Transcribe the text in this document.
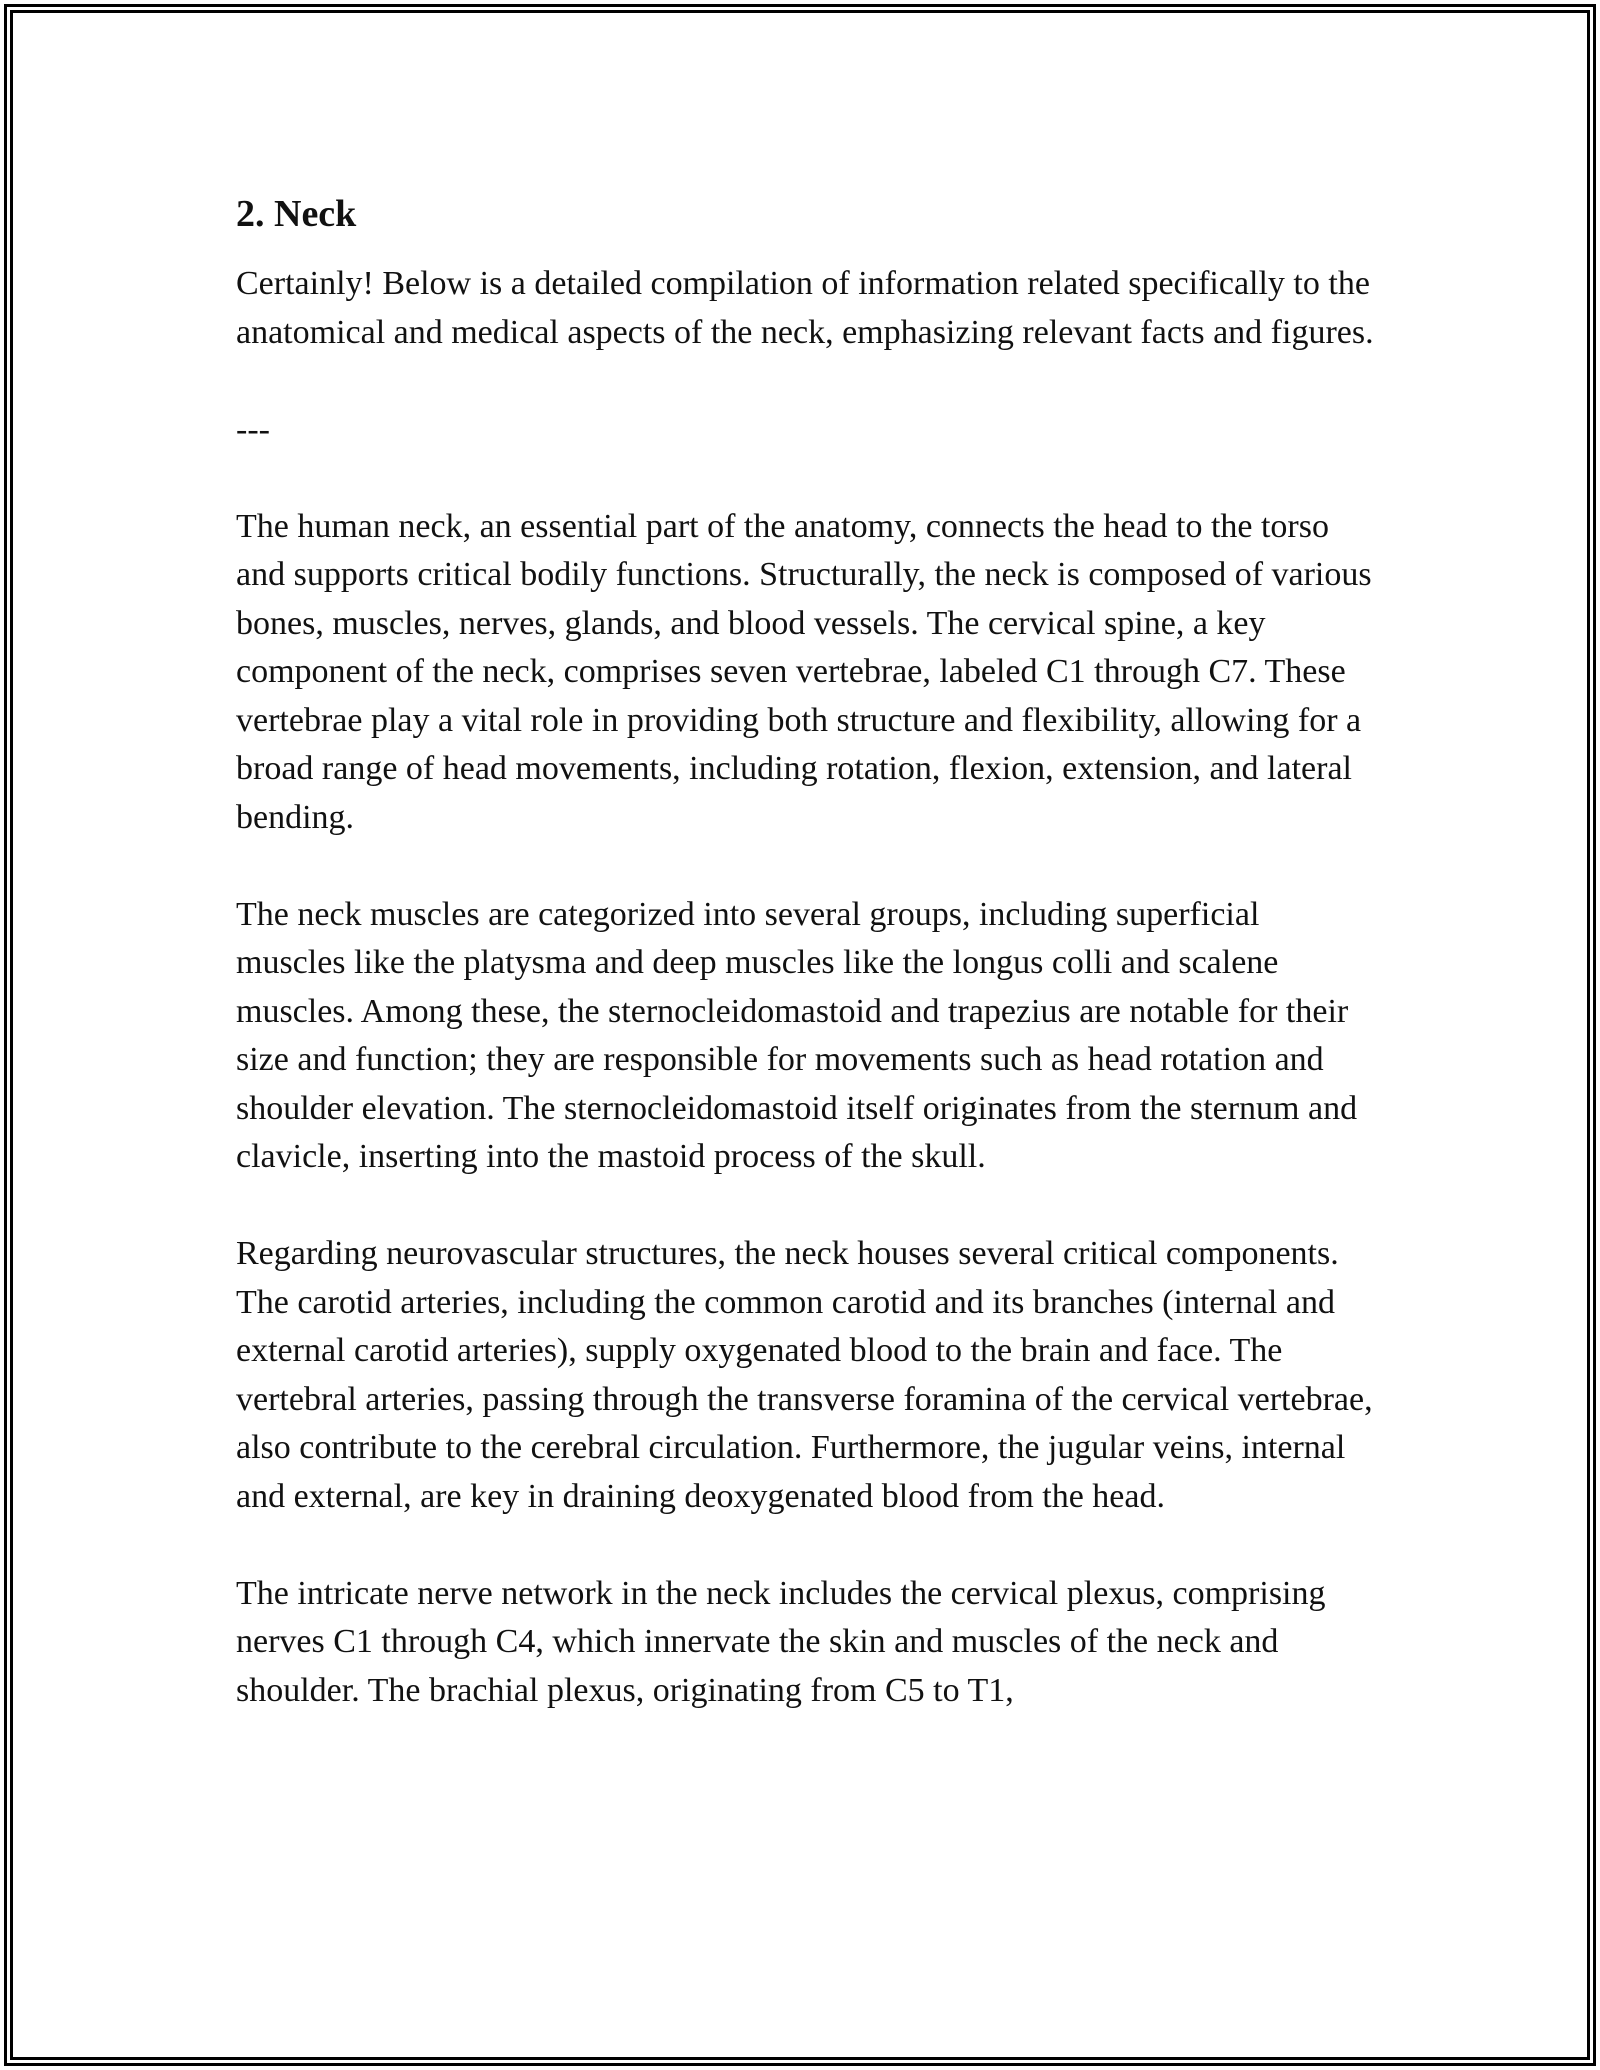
2. Neck

Certainly! Below is a detailed compilation of information related specifically to the anatomical and medical aspects of the neck, emphasizing relevant facts and figures.

---

The human neck, an essential part of the anatomy, connects the head to the torso and supports critical bodily functions. Structurally, the neck is composed of various bones, muscles, nerves, glands, and blood vessels. The cervical spine, a key component of the neck, comprises seven vertebrae, labeled C1 through C7. These vertebrae play a vital role in providing both structure and flexibility, allowing for a broad range of head movements, including rotation, flexion, extension, and lateral bending.

The neck muscles are categorized into several groups, including superficial muscles like the platysma and deep muscles like the longus colli and scalene muscles. Among these, the sternocleidomastoid and trapezius are notable for their size and function; they are responsible for movements such as head rotation and shoulder elevation. The sternocleidomastoid itself originates from the sternum and clavicle, inserting into the mastoid process of the skull.

Regarding neurovascular structures, the neck houses several critical components. The carotid arteries, including the common carotid and its branches (internal and external carotid arteries), supply oxygenated blood to the brain and face. The vertebral arteries, passing through the transverse foramina of the cervical vertebrae, also contribute to the cerebral circulation. Furthermore, the jugular veins, internal and external, are key in draining deoxygenated blood from the head.

The intricate nerve network in the neck includes the cervical plexus, comprising nerves C1 through C4, which innervate the skin and muscles of the neck and shoulder. The brachial plexus, originating from C5 to T1,
